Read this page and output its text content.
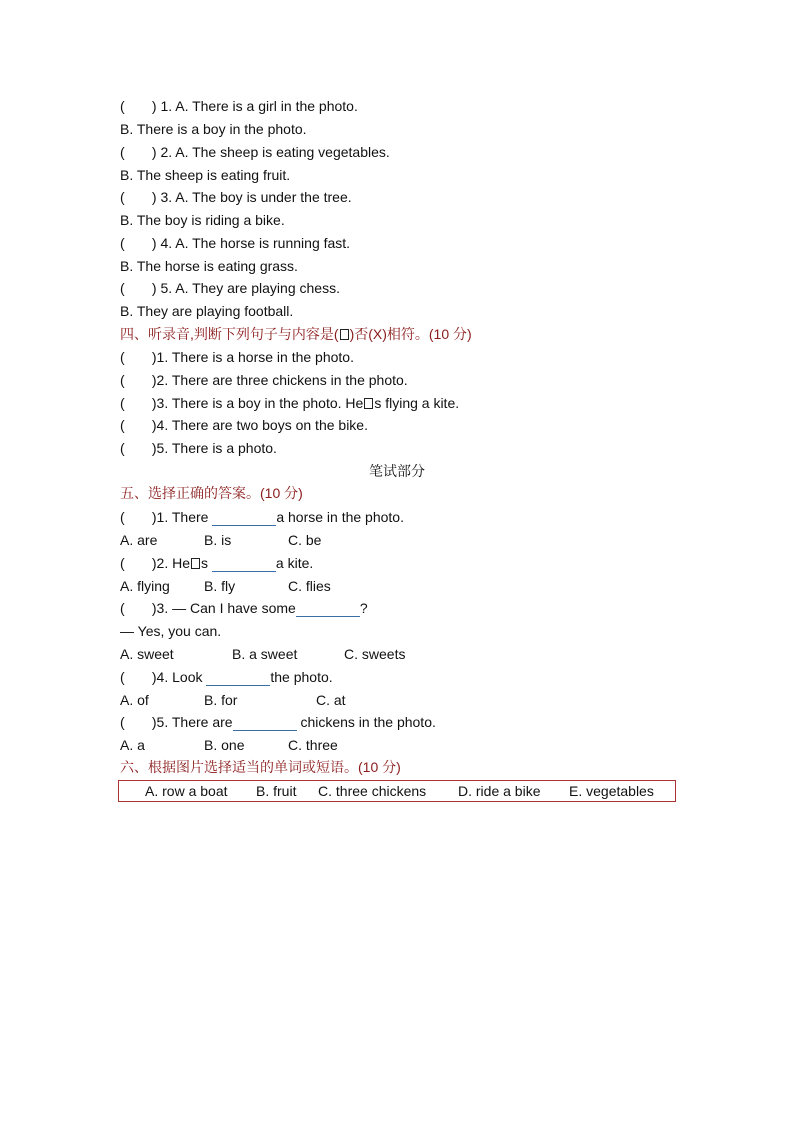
(       ) 1. A. There is a girl in the photo.
B. There is a boy in the photo.
(       ) 2. A. The sheep is eating vegetables.
B. The sheep is eating fruit.
(       ) 3. A. The boy is under the tree.
B. The boy is riding a bike.
(       ) 4. A. The horse is running fast.
B. The horse is eating grass.
(       ) 5. A. They are playing chess.
B. They are playing football.
四、听录音,判断下列句子与内容是( )否(X)相符。(10 分)
(       )1. There is a horse in the photo.
(       )2. There are three chickens in the photo.
(       )3. There is a boy in the photo. He s flying a kite.
(       )4. There are two boys on the bike.
(       )5. There is a photo.
笔试部分
五、选择正确的答案。(10 分)
(       )1. There	a horse in the photo.

A. are

	B. is

	C. be

(       )2. He s	a kite.

A. flying

B. fly

	C. flies

(       )3. — Can I have some	?
— Yes, you can.

A. sweet

	B. a sweet

	C. sweets

(       )4. Look	the photo.

A. of

	B. for

	C. at

(       )5. There are	chickens in the photo.

A. a

	B. one

	C. three

六、根据图片选择适当的单词或短语。(10 分)
A. row a boat B. fruit C. three chickens D. ride a bike E. vegetables
